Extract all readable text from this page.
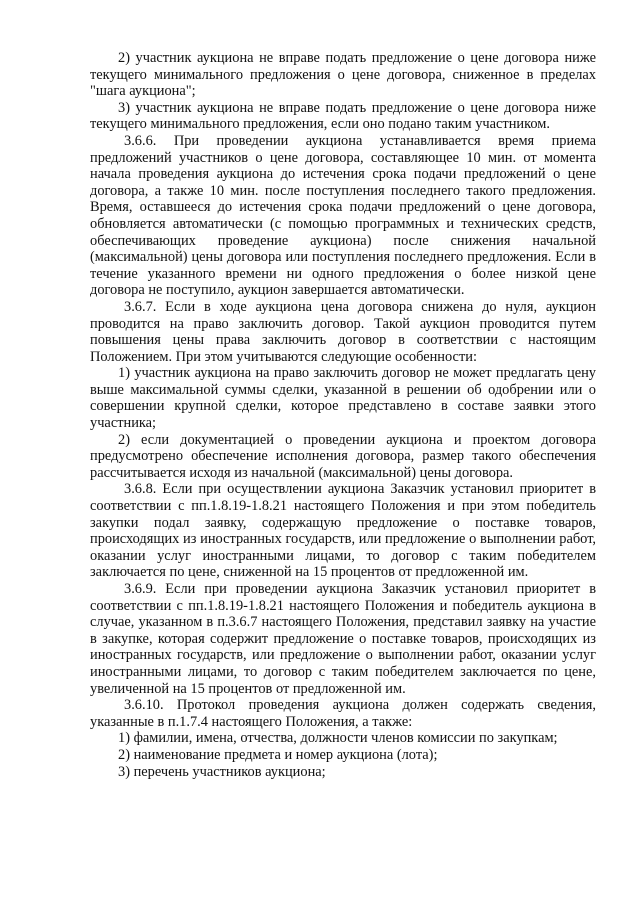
2) участник аукциона не вправе подать предложение о цене договора ниже текущего минимального предложения о цене договора, сниженное в пределах "шага аукциона";

3) участник аукциона не вправе подать предложение о цене договора ниже текущего минимального предложения, если оно подано таким участником.

3.6.6. При проведении аукциона устанавливается время приема предложений участников о цене договора, составляющее 10 мин. от момента начала проведения аукциона до истечения срока подачи предложений о цене договора, а также 10 мин. после поступления последнего такого предложения. Время, оставшееся до истечения срока подачи предложений о цене договора, обновляется автоматически (с помощью программных и технических средств, обеспечивающих проведение аукциона) после снижения начальной (максимальной) цены договора или поступления последнего предложения. Если в течение указанного времени ни одного предложения о более низкой цене договора не поступило, аукцион завершается автоматически.

3.6.7. Если в ходе аукциона цена договора снижена до нуля, аукцион проводится на право заключить договор. Такой аукцион проводится путем повышения цены права заключить договор в соответствии с настоящим Положением. При этом учитываются следующие особенности:

1) участник аукциона на право заключить договор не может предлагать цену выше максимальной суммы сделки, указанной в решении об одобрении или о совершении крупной сделки, которое представлено в составе заявки этого участника;

2) если документацией о проведении аукциона и проектом договора предусмотрено обеспечение исполнения договора, размер такого обеспечения рассчитывается исходя из начальной (максимальной) цены договора.

3.6.8. Если при осуществлении аукциона Заказчик установил приоритет в соответствии с пп.1.8.19-1.8.21 настоящего Положения и при этом победитель закупки подал заявку, содержащую предложение о поставке товаров, происходящих из иностранных государств, или предложение о выполнении работ, оказании услуг иностранными лицами, то договор с таким победителем заключается по цене, сниженной на 15 процентов от предложенной им.

3.6.9. Если при проведении аукциона Заказчик установил приоритет в соответствии с пп.1.8.19-1.8.21 настоящего Положения и победитель аукциона в случае, указанном в п.3.6.7 настоящего Положения, представил заявку на участие в закупке, которая содержит предложение о поставке товаров, происходящих из иностранных государств, или предложение о выполнении работ, оказании услуг иностранными лицами, то договор с таким победителем заключается по цене, увеличенной на 15 процентов от предложенной им.

3.6.10. Протокол проведения аукциона должен содержать сведения, указанные в п.1.7.4 настоящего Положения, а также:

1) фамилии, имена, отчества, должности членов комиссии по закупкам;

2) наименование предмета и номер аукциона (лота);

3) перечень участников аукциона;
